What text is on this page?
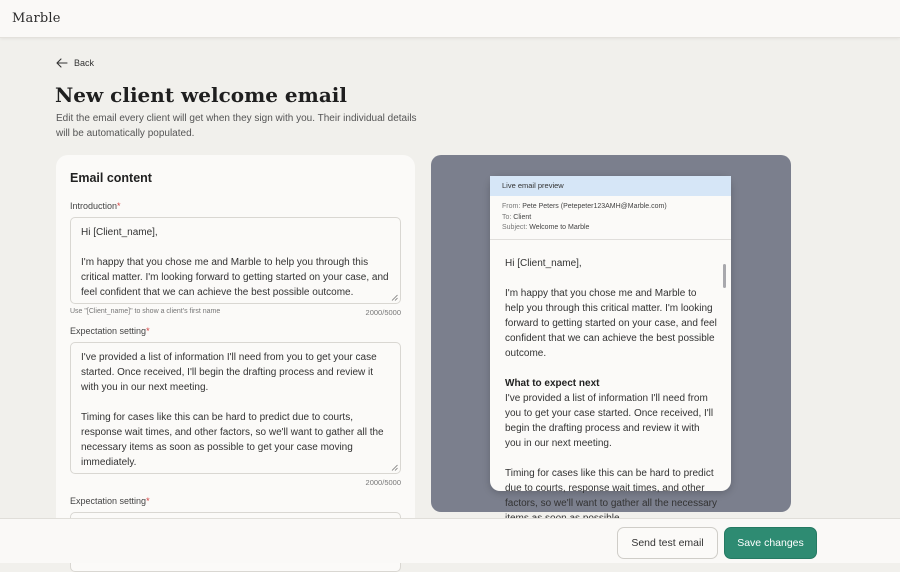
Marble
Back
New client welcome email

Edit the email every client will get when they sign with you. Their individual details will be automatically populated.

Email content
Introduction*
Hi [Client_name],
I'm happy that you chose me and Marble to help you through this critical matter. I'm looking forward to getting started on your case, and feel confident that we can achieve the best possible outcome.
Use "[Client_name]" to show a client's first name	2000/5000
Expectation setting*
I've provided a list of information I'll need from you to get your case started. Once received, I'll begin the drafting process and review it with you in our next meeting.
Timing for cases like this can be hard to predict due to courts, response wait times, and other factors, so we'll want to gather all the necessary items as soon as possible to get your case moving immediately.
2000/5000
Expectation setting*
Live email preview
From: Pete Peters (Petepeter123AMH@Marble.com)
To: Client
Subject: Welcome to Marble

Hi [Client_name],

I'm happy that you chose me and Marble to help you through this critical matter. I'm looking forward to getting started on your case, and feel confident that we can achieve the best possible outcome.

What to expect next

I've provided a list of information I'll need from you to get your case started. Once received, I'll begin the drafting process and review it with you in our next meeting.

Timing for cases like this can be hard to predict due to courts, response wait times, and other factors, so we'll want to gather all the necessary

Send test email	Save changes
